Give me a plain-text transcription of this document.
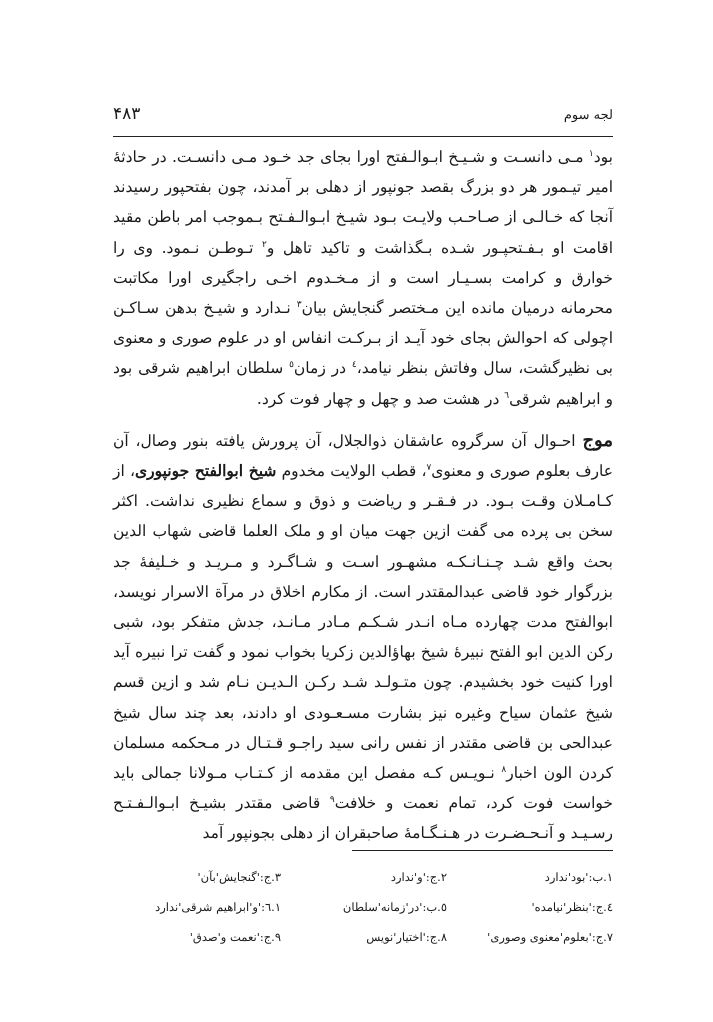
لجه سوم
۴۸۳

بود$^۱$ مـی دانسـت و شـیـخ ابـوالـفتح اورا بجای جد خـود مـی دانسـت. در حادثهٔ امیر تیـمور هر دو بزرگ بقصد جونپور از دهلی بر آمدند، چون بفتحپور رسیدند آنجا که خـالـی از صـاحـب ولایـت بـود شیـخ ابـوالـفـتح بـموجب امر باطن مقید اقامت او بـفـتحپـور شـده بـگذاشت و تاکید تاهل و$^۲$ تـوطـن نـمود. وی را خوارق و کرامت بسـیـار است و از مـخـدوم اخـی راجگیری اورا مکاتبت محرمانه درمیان مانده این مـختصر گنجایش بیان$^۳$ نـدارد و شیـخ بدهن سـاکـن اچولی که احوالش بجای خود آیـد از بـرکـت انفاس او در علوم صوری و معنوی بی نظیرگشت، سال وفاتش بنظر نیامد،$^٤$ در زمان$^٥$ سلطان ابراهیم شرقی بود و ابراهیم شرقی$^٦$ در هشت صد و چهل و چهار فوت کرد.

موج احـوال آن سرگروه عاشقان ذوالجلال، آن پرورش یافته بنور وصال، آن عارف بعلوم صوری و معنوی$^۷$، قطب الولایت مخدوم شیخ ابوالفتح جونپوری، از کـامـلان وقـت بـود. در فـقـر و ریاضت و ذوق و سماع نظیری نداشت. اکثر سخن بی پرده می گفت ازین جهت میان او و ملک العلما قاضی شهاب الدین بحث واقع شـد چـنـانـکـه مشهـور اسـت و شـاگـرد و مـریـد و خـلیفهٔ جد بزرگوار خود قاضی عبدالمقتدر است. از مکارم اخلاق در مرآة الاسرار نویسد، ابوالفتح مدت چهارده مـاه انـدر شـکـم مـادر مـانـد، جدش متفکر بود، شبی رکن الدین ابو الفتح نبیرهٔ شیخ بهاؤالدین زکریا بخواب نمود و گفت ترا نبیره آید اورا کنیت خود بخشیدم. چون متـولـد شـد رکـن الـدیـن نـام شد و ازین قسم شیخ عثمان سیاح وغیره نیز بشارت مسـعـودی او دادند، بعد چند سال شیخ عبدالحی بن قاضی مقتدر از نفس رانی سید راجـو قـتـال در مـحکمه مسلمان کردن الون اخبار$^۸$ نـویـس کـه مفصل این مقدمه از کـتـاب مـولانا جمالی باید خواست فوت کرد، تمام نعمت و خلافت$^۹$ قاضی مقتدر بشیـخ ابـوالـفـتـح رسـیـد و آنـحـضـرت در هـنـگـامهٔ صاحبقران از دهلی بجونپور آمد

۱.ب:'بود'ندارد
۲.ج:'و'ندارد
۳.ج:'گنجایش'بآن'
٤.ج:'بنظر'نیامده'
٥.ب:'در'زمانه'سلطان
۱.٦:'و'ابراهیم شرقی'ندارد
۷.ج:'بعلوم'معنوی وصوری'
۸.ج:'اختیار'نویس
۹.ج:'نعمت و'صدق'
